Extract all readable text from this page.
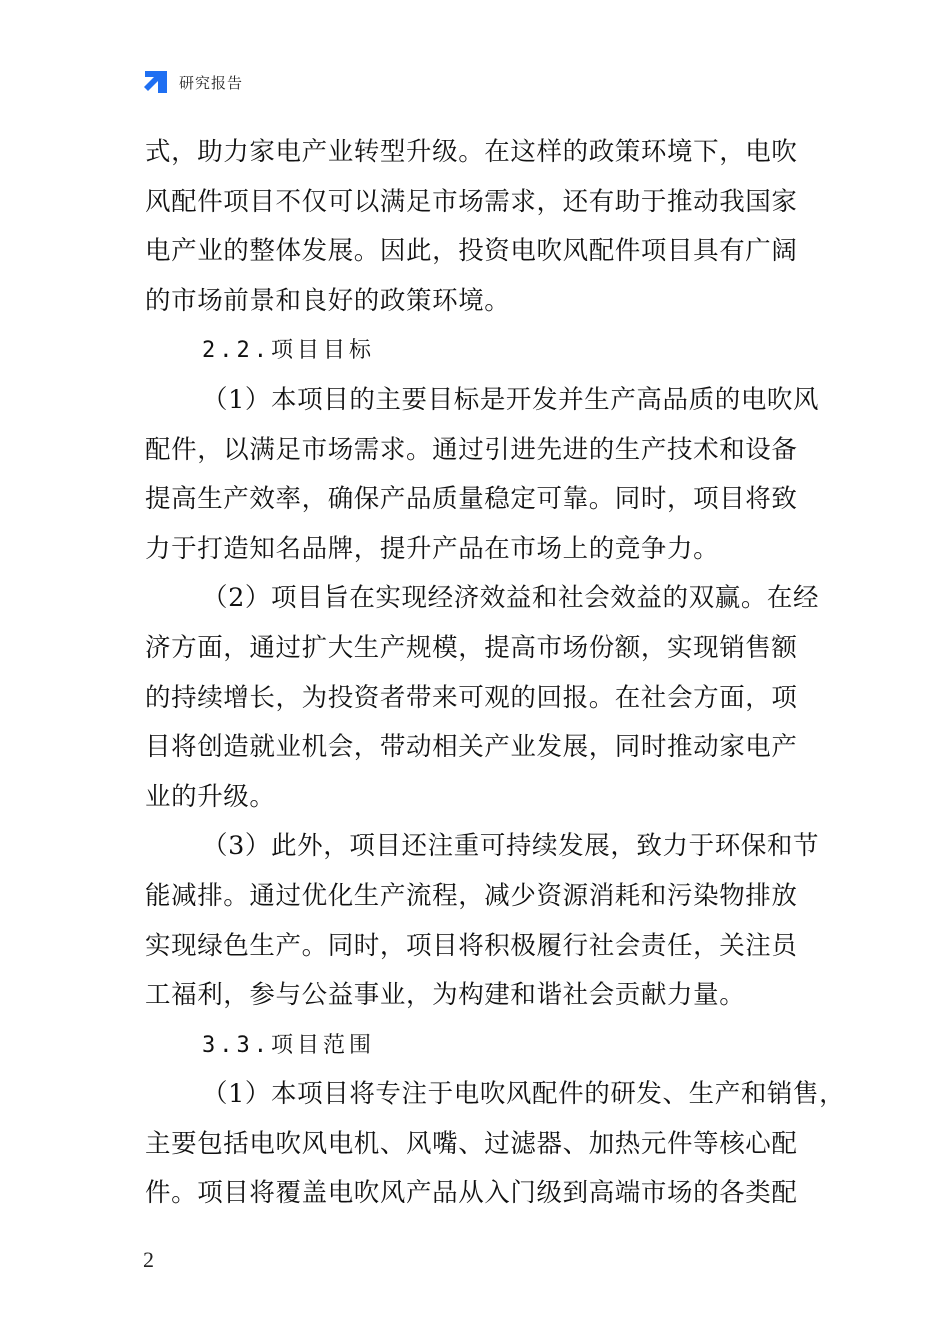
研究报告
式，助力家电产业转型升级。在这样的政策环境下，电吹
风配件项目不仅可以满足市场需求，还有助于推动我国家
电产业的整体发展。因此，投资电吹风配件项目具有广阔
的市场前景和良好的政策环境。
2.2.项目目标
（1）本项目的主要目标是开发并生产高品质的电吹风
配件，以满足市场需求。通过引进先进的生产技术和设备
提高生产效率，确保产品质量稳定可靠。同时，项目将致
力于打造知名品牌，提升产品在市场上的竞争力。
（2）项目旨在实现经济效益和社会效益的双赢。在经
济方面，通过扩大生产规模，提高市场份额，实现销售额
的持续增长，为投资者带来可观的回报。在社会方面，项
目将创造就业机会，带动相关产业发展，同时推动家电产
业的升级。
（3）此外，项目还注重可持续发展，致力于环保和节
能减排。通过优化生产流程，减少资源消耗和污染物排放
实现绿色生产。同时，项目将积极履行社会责任，关注员
工福利，参与公益事业，为构建和谐社会贡献力量。
3.3.项目范围
（1）本项目将专注于电吹风配件的研发、生产和销售，
主要包括电吹风电机、风嘴、过滤器、加热元件等核心配
件。项目将覆盖电吹风产品从入门级到高端市场的各类配
2
